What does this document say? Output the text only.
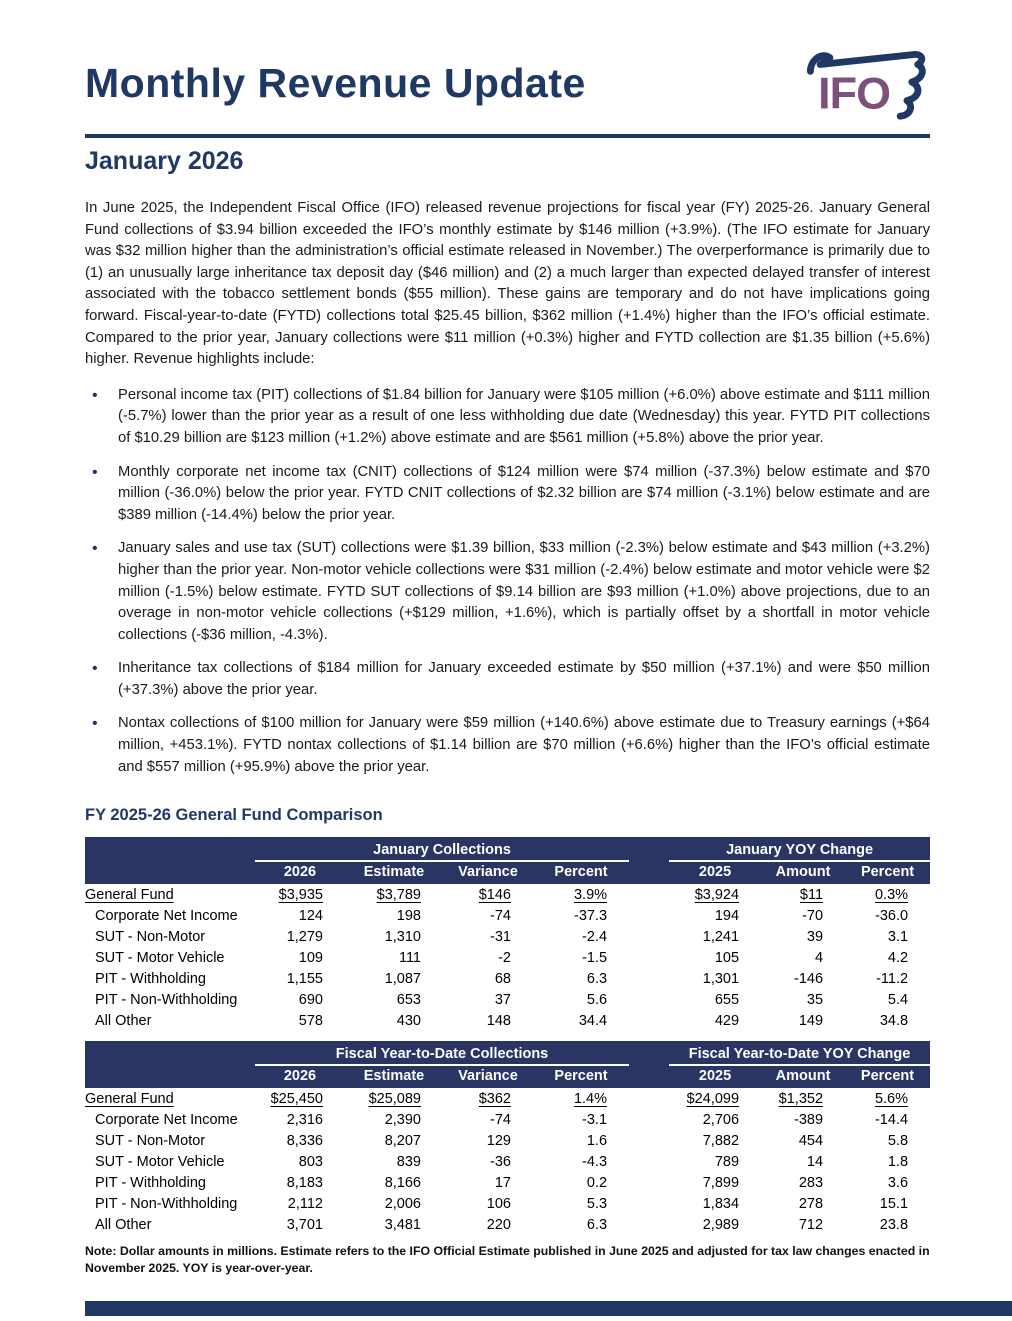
Monthly Revenue Update	IFO
January 2026

In June 2025, the Independent Fiscal Office (IFO) released revenue projections for fiscal year (FY) 2025-26. January General Fund collections of $3.94 billion exceeded the IFO’s monthly estimate by $146 million (+3.9%). (The IFO estimate for January was $32 million higher than the administration’s official estimate released in November.) The overperformance is primarily due to (1) an unusually large inheritance tax deposit day ($46 million) and (2) a much larger than expected delayed transfer of interest associated with the tobacco settlement bonds ($55 million). These gains are temporary and do not have implications going forward. Fiscal-year-to-date (FYTD) collections total $25.45 billion, $362 million (+1.4%) higher than the IFO’s official estimate. Compared to the prior year, January collections were $11 million (+0.3%) higher and FYTD collection are $1.35 billion (+5.6%) higher. Revenue highlights include:

• Personal income tax (PIT) collections of $1.84 billion for January were $105 million (+6.0%) above estimate and $111 million (-5.7%) lower than the prior year as a result of one less withholding due date (Wednesday) this year. FYTD PIT collections of $10.29 billion are $123 million (+1.2%) above estimate and are $561 million (+5.8%) above the prior year.
• Monthly corporate net income tax (CNIT) collections of $124 million were $74 million (-37.3%) below estimate and $70 million (-36.0%) below the prior year. FYTD CNIT collections of $2.32 billion are $74 million (-3.1%) below estimate and are $389 million (-14.4%) below the prior year.
• January sales and use tax (SUT) collections were $1.39 billion, $33 million (-2.3%) below estimate and $43 million (+3.2%) higher than the prior year. Non-motor vehicle collections were $31 million (-2.4%) below estimate and motor vehicle were $2 million (-1.5%) below estimate. FYTD SUT collections of $9.14 billion are $93 million (+1.0%) above projections, due to an overage in non-motor vehicle collections (+$129 million, +1.6%), which is partially offset by a shortfall in motor vehicle collections (-$36 million, -4.3%).
• Inheritance tax collections of $184 million for January exceeded estimate by $50 million (+37.1%) and were $50 million (+37.3%) above the prior year.
• Nontax collections of $100 million for January were $59 million (+140.6%) above estimate due to Treasury earnings (+$64 million, +453.1%). FYTD nontax collections of $1.14 billion are $70 million (+6.6%) higher than the IFO’s official estimate and $557 million (+95.9%) above the prior year.
FY 2025-26 General Fund Comparison
	January Collections					January YOY Change		
	2026	Estimate	Variance	Percent		2025	Amount	Percent
General Fund	$3,935	$3,789	$146	3.9%		$3,924	$11	0.3%
Corporate Net Income	124	198	-74	-37.3		194	-70	-36.0
SUT - Non-Motor	1,279	1,310	-31	-2.4		1,241	39	3.1
SUT - Motor Vehicle	109	111	-2	-1.5		105	4	4.2
PIT - Withholding	1,155	1,087	68	6.3		1,301	-146	-11.2
PIT - Non-Withholding	690	653	37	5.6		655	35	5.4
All Other	578	430	148	34.4		429	149	34.8
	Fiscal Year-to-Date Collections					Fiscal Year-to-Date YOY Change		
	2026	Estimate	Variance	Percent		2025	Amount	Percent
General Fund	$25,450	$25,089	$362	1.4%		$24,099	$1,352	5.6%
Corporate Net Income	2,316	2,390	-74	-3.1		2,706	-389	-14.4
SUT - Non-Motor	8,336	8,207	129	1.6		7,882	454	5.8
SUT - Motor Vehicle	803	839	-36	-4.3		789	14	1.8
PIT - Withholding	8,183	8,166	17	0.2		7,899	283	3.6
PIT - Non-Withholding	2,112	2,006	106	5.3		1,834	278	15.1
All Other	3,701	3,481	220	6.3		2,989	712	23.8

Note: Dollar amounts in millions. Estimate refers to the IFO Official Estimate published in June 2025 and adjusted for tax law changes enacted in November 2025. YOY is year-over-year.
